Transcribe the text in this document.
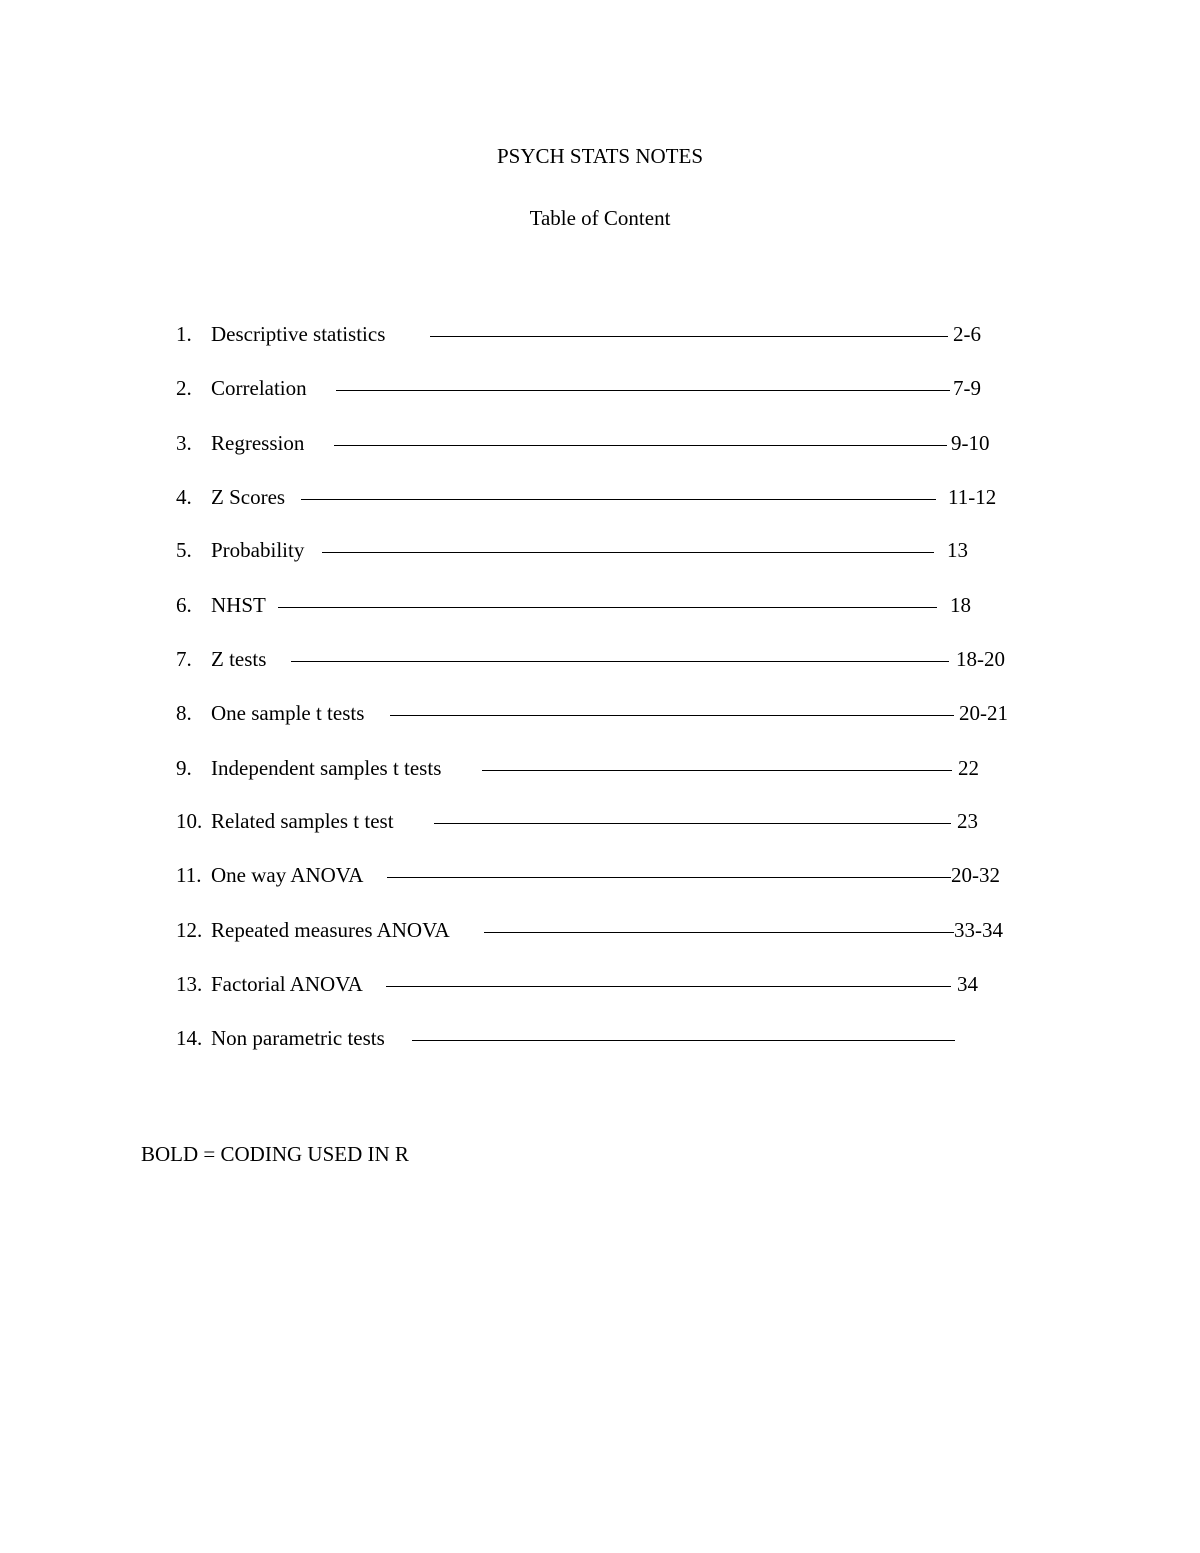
PSYCH STATS NOTES
Table of Content
1. Descriptive statistics	2-6
2. Correlation	7-9
3. Regression	9-10
4. Z Scores	11-12
5. Probability	13
6. NHST	18
7. Z tests	18-20
8. One sample t tests	20-21
9. Independent samples t tests	22
10. Related samples t test	23
11. One way ANOVA	20-32
12. Repeated measures ANOVA	33-34
13. Factorial ANOVA	34
14. Non parametric tests
BOLD = CODING USED IN R
